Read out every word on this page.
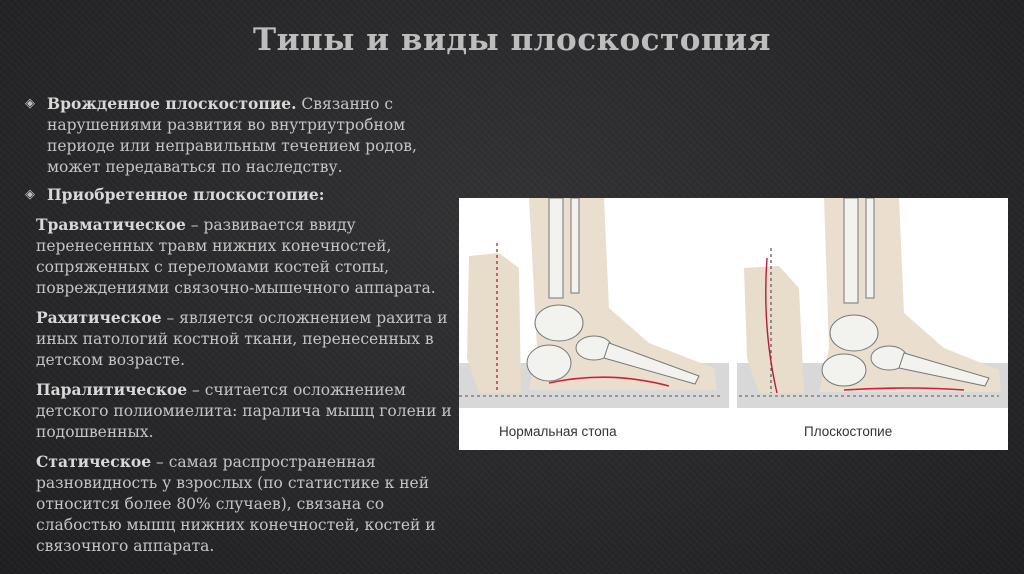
Типы и виды плоскостопия
◈ Врожденное плоскостопие. Связанно с нарушениями развития во внутриутробном периоде или неправильным течением родов, может передаваться по наследству.
◈ Приобретенное плоскостопие:
Травматическое – развивается ввиду перенесенных травм нижних конечностей, сопряженных с переломами костей стопы, повреждениями связочно-мышечного аппарата.
Рахитическое – является осложнением рахита и иных патологий костной ткани, перенесенных в детском возрасте.
Паралитическое – считается осложнением детского полиомиелита: паралича мышц голени и подошвенных.
Статическое – самая распространенная разновидность у взрослых (по статистике к ней относится более 80% случаев), связана со слабостью мышц нижних конечностей, костей и связочного аппарата.
Нормальная стопа	Плоскостопие
